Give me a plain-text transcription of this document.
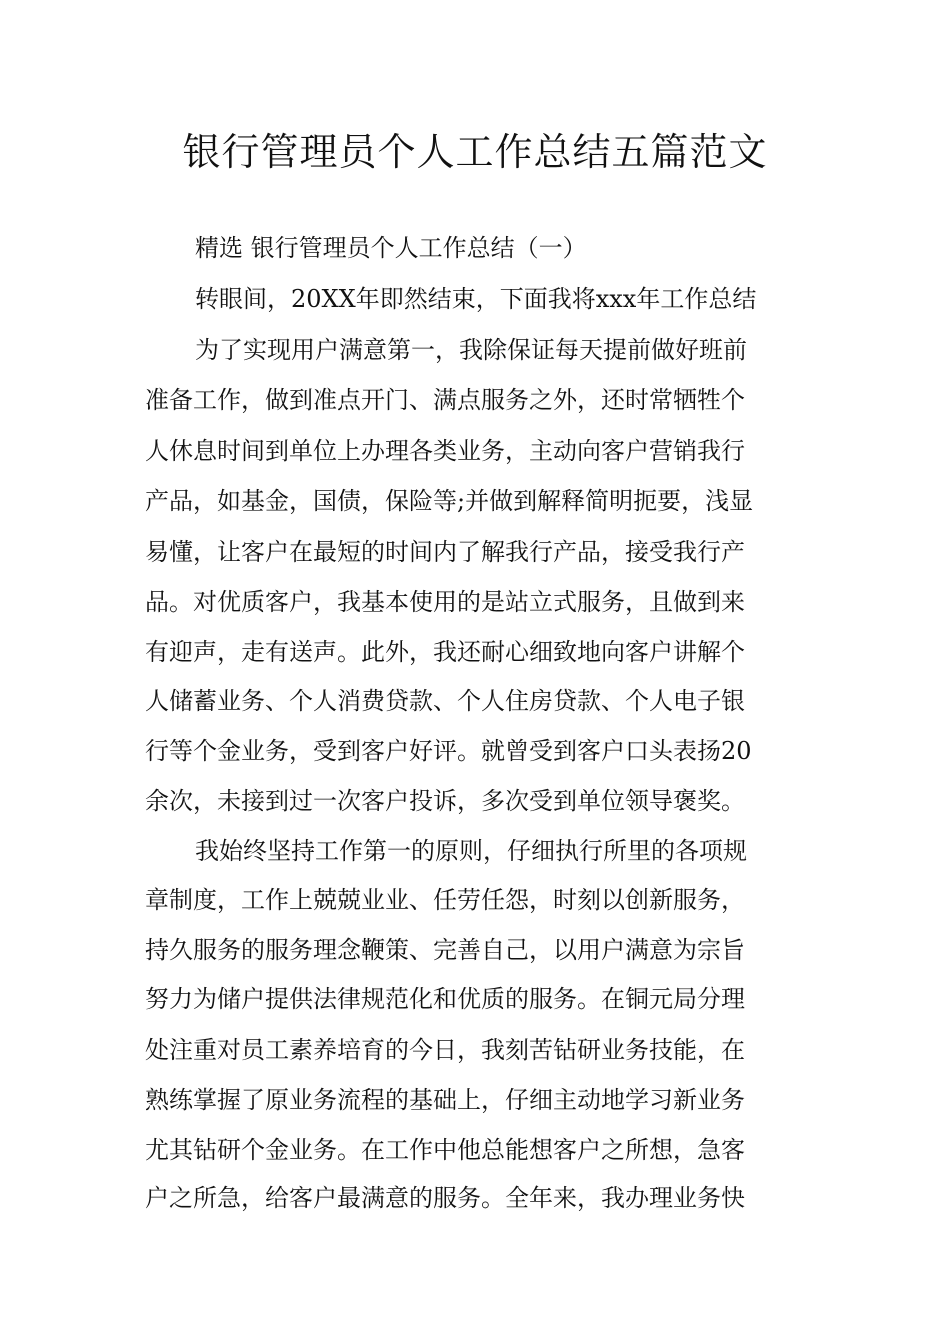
银行管理员个人工作总结五篇范文

精选 银行管理员个人工作总结（一）

转眼间，20XX年即然结束，下面我将xxx年工作总结

为了实现用户满意第一，我除保证每天提前做好班前

准备工作，做到准点开门、满点服务之外，还时常牺牲个

人休息时间到单位上办理各类业务，主动向客户营销我行

产品，如基金，国债，保险等;并做到解释简明扼要，浅显

易懂，让客户在最短的时间内了解我行产品，接受我行产

品。对优质客户，我基本使用的是站立式服务，且做到来

有迎声，走有送声。此外，我还耐心细致地向客户讲解个

人储蓄业务、个人消费贷款、个人住房贷款、个人电子银

行等个金业务，受到客户好评。就曾受到客户口头表扬20

余次，未接到过一次客户投诉，多次受到单位领导褒奖。

我始终坚持工作第一的原则，仔细执行所里的各项规

章制度，工作上兢兢业业、任劳任怨，时刻以创新服务，

持久服务的服务理念鞭策、完善自己，以用户满意为宗旨

努力为储户提供法律规范化和优质的服务。在铜元局分理

处注重对员工素养培育的今日，我刻苦钻研业务技能，在

熟练掌握了原业务流程的基础上，仔细主动地学习新业务

尤其钻研个金业务。在工作中他总能想客户之所想，急客

户之所急，给客户最满意的服务。全年来，我办理业务快
